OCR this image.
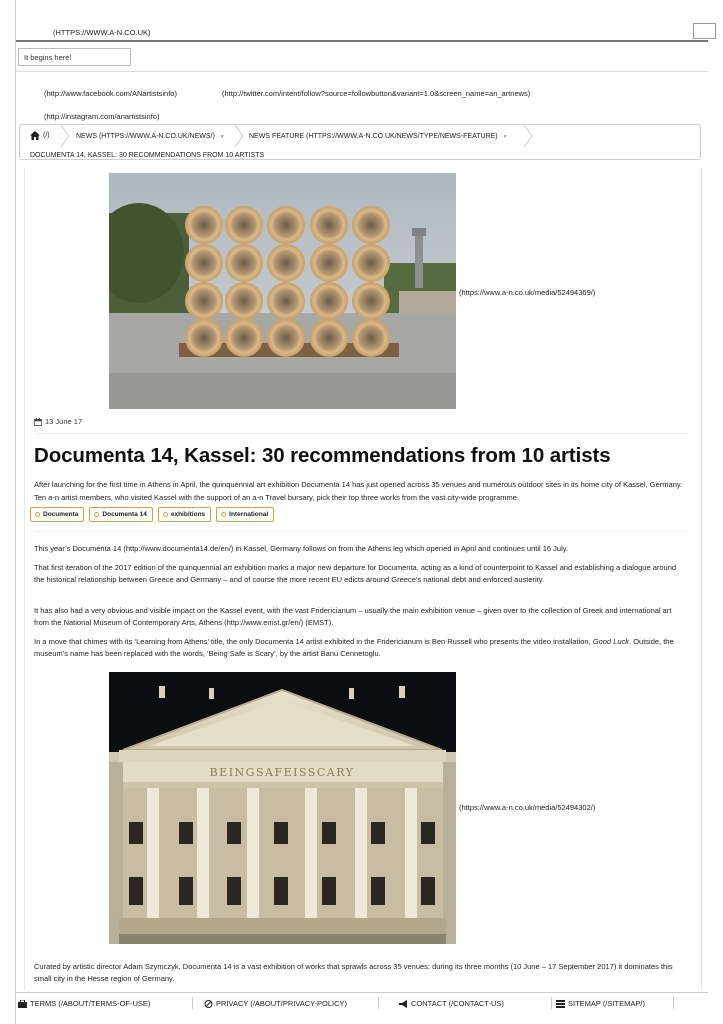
(HTTPS://WWW.A-N.CO.UK)
It begins here!
(http://www.facebook.com/ANartistsinfo)	(http://twitter.com/intent/follow?source=followbutton&variant=1.0&screen_name=an_artnews)
(http://instagram.com/anartistsinfo)
(/)	NEWS (HTTPS://WWW.A-N.CO.UK/NEWS/) ▼	NEWS FEATURE (HTTPS://WWW.A-N.CO.UK/NEWS/TYPE/NEWS-FEATURE) ▼
DOCUMENTA 14, KASSEL: 30 RECOMMENDATIONS FROM 10 ARTISTS
(https://www.a-n.co.uk/media/52494369/)
13 June 17
Documenta 14, Kassel: 30 recommendations from 10 artists

After launching for the first time in Athens in April, the quinquennial art exhibition Documenta 14 has just opened across 35 venues and numerous outdoor sites in its home city of Kassel, Germany. Ten a-n artist members, who visited Kassel with the support of an a-n Travel bursary, pick their top three works from the vast city-wide programme.

Documenta	Documenta 14	exhibitions	International

This year’s Documenta 14 (http://www.documenta14.de/en/) in Kassel, Germany follows on from the Athens leg which opened in April and continues until 16 July.

That first iteration of the 2017 edition of the quinquennial art exhibition marks a major new departure for Documenta, acting as a kind of counterpoint to Kassel and establishing a dialogue around the historical relationship between Greece and Germany – and of course the more recent EU edicts around Greece’s national debt and enforced austerity.

It has also had a very obvious and visible impact on the Kassel event, with the vast Fridericianum – usually the main exhibition venue – given over to the collection of Greek and international art from the National Museum of Contemporary Arts, Athens (http://www.emst.gr/en/) (EMST).

In a move that chimes with its ‘Learning from Athens’ title, the only Documenta 14 artist exhibited in the Fridericianum is Ben Russell who presents the video installation, Good Luck. Outside, the museum’s name has been replaced with the words, ‘Being Safe is Scary’, by the artist Banu Cennetoglu.

BEINGSAFEISSCARY
(https://www.a-n.co.uk/media/52494302/)

Curated by artistic director Adam Szymczyk, Documenta 14 is a vast exhibition of works that sprawls across 35 venues; during its three months (10 June – 17 September 2017) it dominates this small city in the Hesse region of Germany.

TERMS (/ABOUT/TERMS-OF-USE)	PRIVACY (/ABOUT/PRIVACY-POLICY)	CONTACT (/CONTACT-US)	SITEMAP (/SITEMAP/)
